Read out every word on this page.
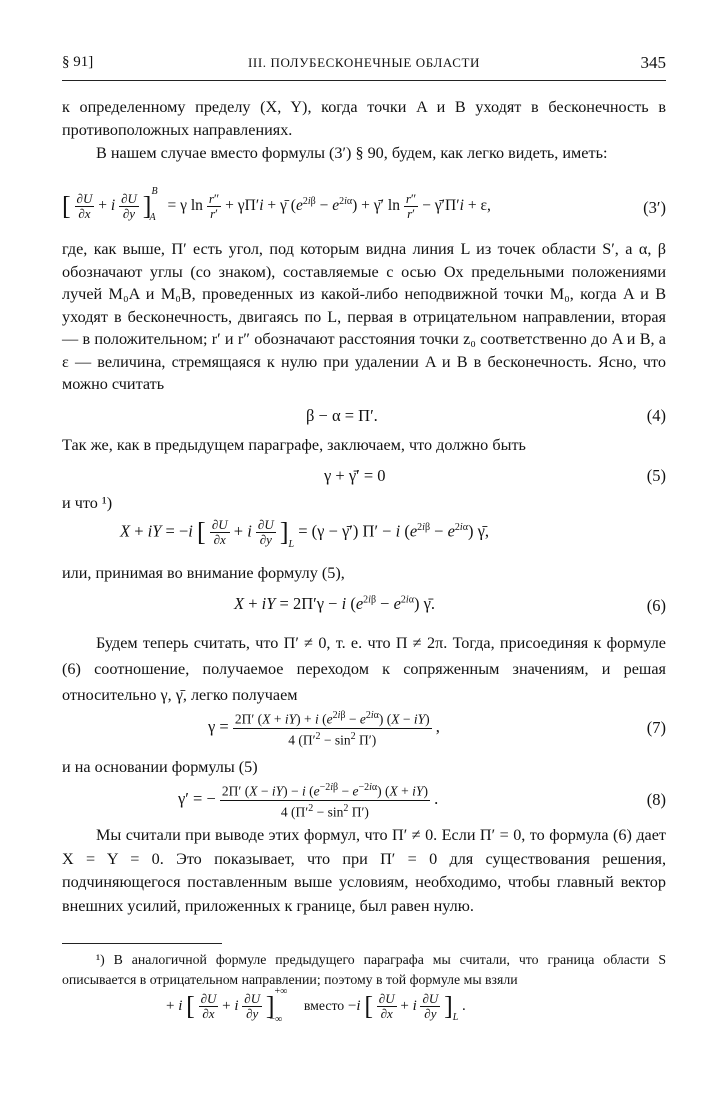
§ 91]	III. ПОЛУБЕСКОНЕЧНЫЕ ОБЛАСТИ	345
к определенному пределу (X, Y), когда точки A и B уходят в бесконечность в противоположных направлениях.
В нашем случае вместо формулы (3′) § 90, будем, как легко видеть, иметь:
[ $\frac{\partial U}{\partial x} + i \frac{\partial U}{\partial y} ]^B_A = \gamma$ $\ln \frac{r''}{r'} + \gamma\Pi'i$ + γ̄ $(e^{2i\beta} - e^{2i\alpha})$ + γ̄′ $\ln \frac{r''}{r'}$ − γ̄′Π′i + ε,	(3′)
где, как выше, Π′ есть угол, под которым видна линия L из точек области S′, а α, β обозначают углы (со знаком), составляемые с осью Ox предельными положениями лучей M₀A и M₀B, проведенных из какой-либо неподвижной точки M₀, когда A и B уходят в бесконечность, двигаясь по L, первая в отрицательном направлении, вторая — в положительном; r′ и r″ обозначают расстояния точки z₀ соответственно до A и B, а ε — величина, стремящаяся к нулю при удалении A и B в бесконечность. Ясно, что можно считать
β − α = Π′.	(4)
Так же, как в предыдущем параграфе, заключаем, что должно быть
γ + γ̄′ = 0	(5)
и что ¹)
X + iY = −i [ $\frac{\partial U}{\partial x} + i \frac{\partial U}{\partial y} ]_L = (\gamma$ − γ̄′) Π′ − i $(e^{2i\beta} - e^{2i\alpha})$ γ̄,
или, принимая во внимание формулу (5),
X + iY = 2Π′γ − i $(e^{2i\beta} - e^{2i\alpha})$ γ̄.	(6)
Будем теперь считать, что Π′ ≠ 0, т. е. что Π ≠ 2π. Тогда, присоединяя к формуле (6) соотношение, получаемое переходом к сопряженным значениям, и решая относительно γ, γ̄, легко получаем
$\gamma = \frac{2\Pi' (X + iY) + i (e^{2i\beta} - e^{2i\alpha}) (X - iY)}{4 (\Pi'^2 - \sin^2 \Pi')}$ ,	(7)
и на основании формулы (5)
γ′ = − $\frac{2\Pi' (X - iY) - i (e^{-2i\beta} - e^{-2i\alpha}) (X + iY)}{4 (\Pi'^2 - \sin^2 \Pi')}$ .	(8)
Мы считали при выводе этих формул, что Π′ ≠ 0. Если Π′ = 0, то формула (6) дает X = Y = 0. Это показывает, что при Π′ = 0 для существования решения, подчиняющегося поставленным выше условиям, необходимо, чтобы главный вектор внешних усилий, приложенных к границе, был равен нулю.
¹) В аналогичной формуле предыдущего параграфа мы считали, что граница области S описывается в отрицательном направлении; поэтому в той формуле мы взяли
+ i [ $\frac{\partial U}{\partial x} + i \frac{\partial U}{\partial y} ]^{+\infty}_{-\infty}$ вместо −i [ $\frac{\partial U}{\partial x} + i \frac{\partial U}{\partial y} ]_L$ .
